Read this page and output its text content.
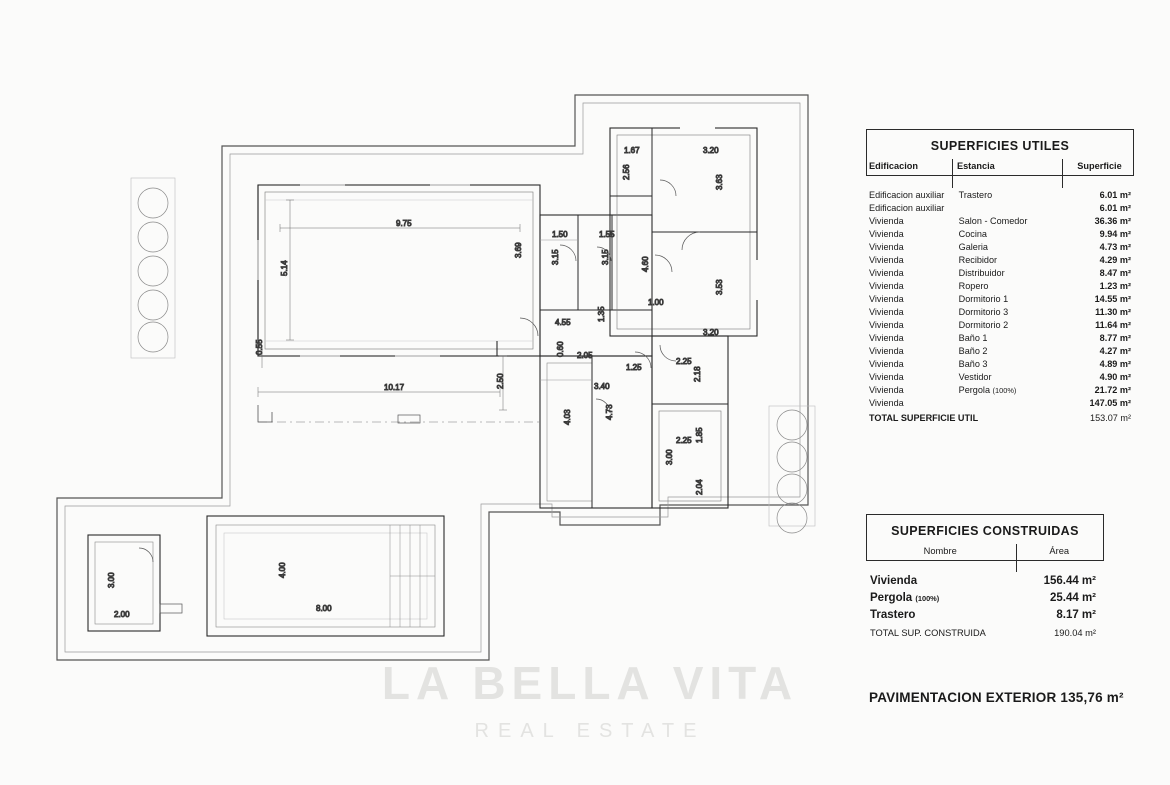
9.75
5.14
3.69
1.50	1.55
3.15	3.15
1.67
2.56
3.20
3.63
4.60
3.53
1.00
3.20
4.55
1.35
10.17
0.55
2.50
0.60 2.05
1.25
2.25
2.18
3.40
4.03	4.73
2.25 1.85
3.00
2.04
8.00
4.00
3.00
2.00
LA BELLA VITA
REAL ESTATE
SUPERFICIES UTILES
Edificacion	Estancia	Superficie
Edificacion auxiliar	Trastero	6.01 m²
Edificacion auxiliar		6.01 m²
Vivienda	Salon - Comedor	36.36 m²
Vivienda	Cocina	9.94 m²
Vivienda	Galeria	4.73 m²
Vivienda	Recibidor	4.29 m²
Vivienda	Distribuidor	8.47 m²
Vivienda	Ropero	1.23 m²
Vivienda	Dormitorio 1	14.55 m²
Vivienda	Dormitorio 3	11.30 m²
Vivienda	Dormitorio 2	11.64 m²
Vivienda	Baño 1	8.77 m²
Vivienda	Baño 2	4.27 m²
Vivienda	Baño 3	4.89 m²
Vivienda	Vestidor	4.90 m²
Vivienda	Pergola (100%)	21.72 m²
Vivienda		147.05 m²
TOTAL SUPERFICIE UTIL		153.07 m²
SUPERFICIES CONSTRUIDAS
Nombre	Área
Vivienda	156.44 m²
Pergola (100%)	25.44 m²
Trastero	8.17 m²
TOTAL SUP. CONSTRUIDA	190.04 m²
PAVIMENTACION EXTERIOR 135,76 m²
